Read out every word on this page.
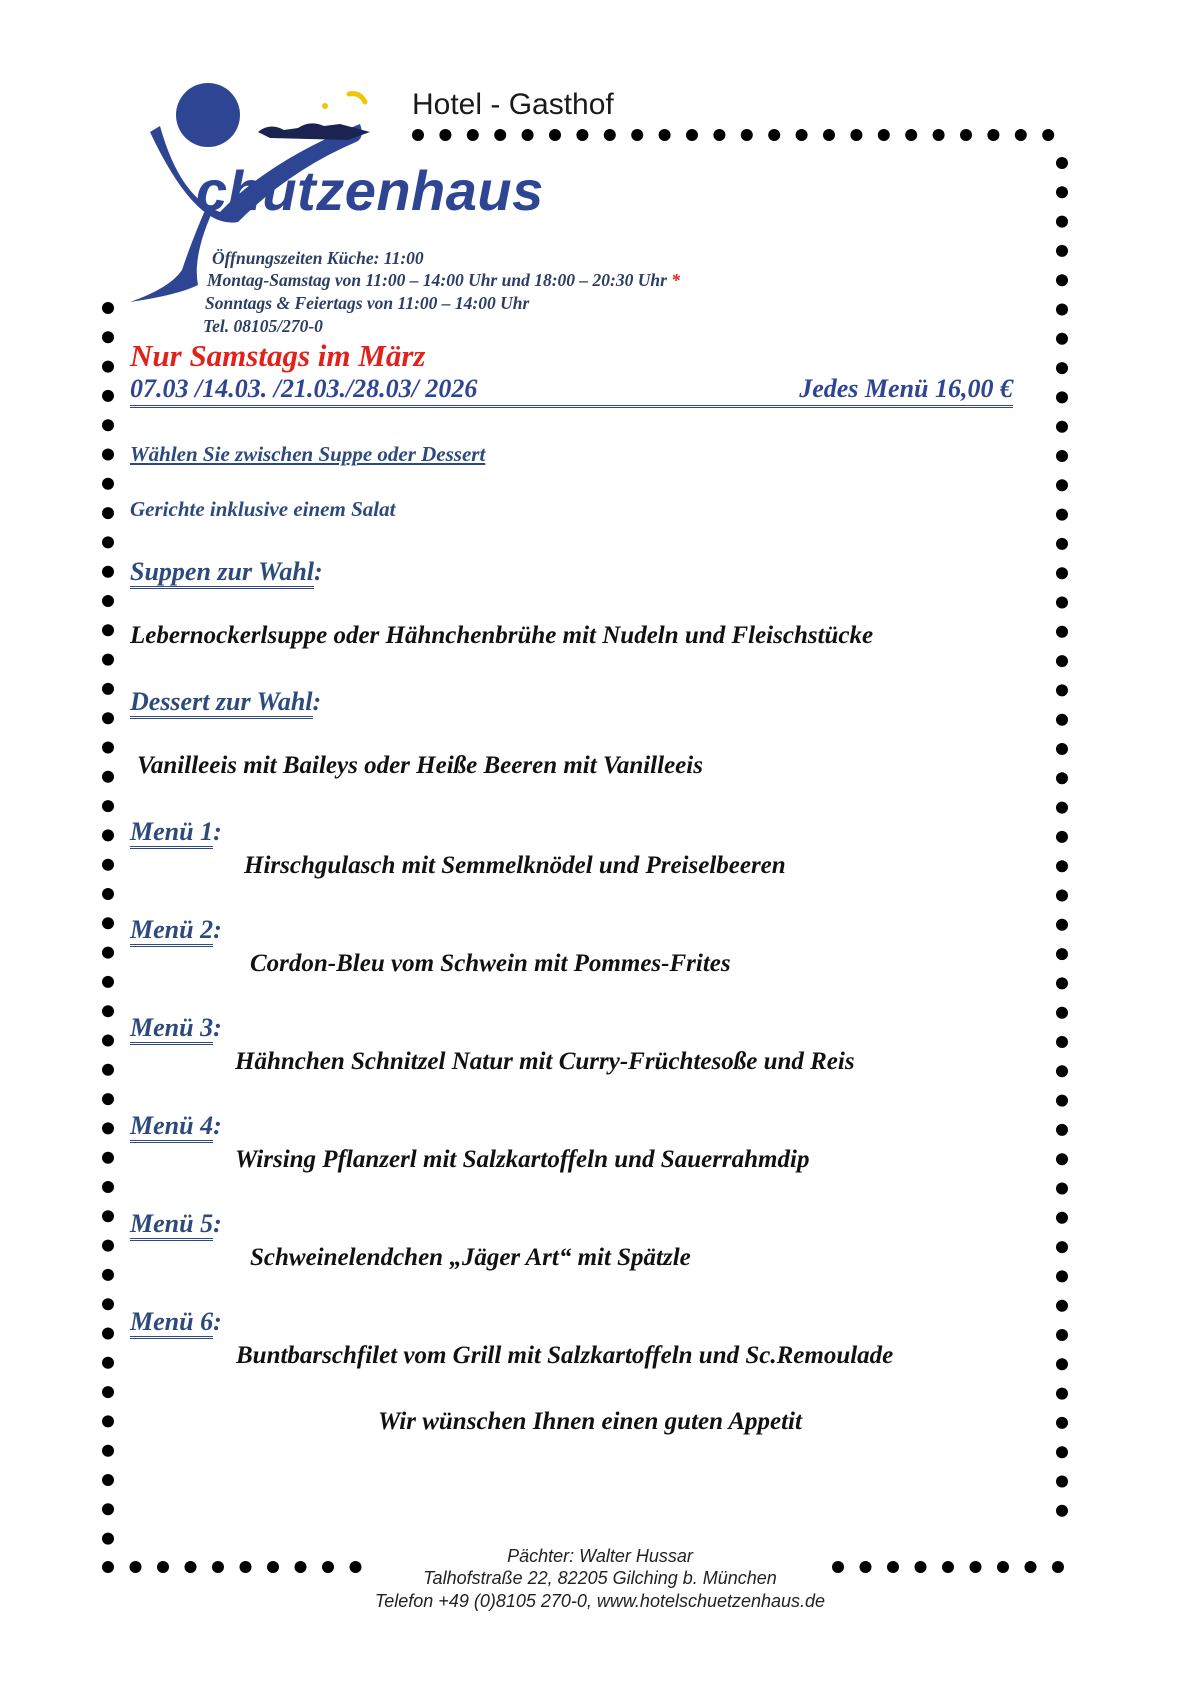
Hotel - Gasthof
chützenhaus
Öffnungszeiten Küche: 11:00
Montag-Samstag von 11:00 – 14:00 Uhr und 18:00 – 20:30 Uhr *
Sonntags & Feiertags von 11:00 – 14:00 Uhr
Tel. 08105/270-0
Nur Samstags im März
07.03 /14.03. /21.03./28.03/ 2026	Jedes Menü 16,00 €
Wählen Sie zwischen Suppe oder Dessert
Gerichte inklusive einem Salat
Suppen zur Wahl:
Lebernockerlsuppe oder Hähnchenbrühe mit Nudeln und Fleischstücke
Dessert zur Wahl:
Vanilleeis mit Baileys oder Heiße Beeren mit Vanilleeis
Menü 1:
Hirschgulasch mit Semmelknödel und Preiselbeeren
Menü 2:
Cordon-Bleu vom Schwein mit Pommes-Frites
Menü 3:
Hähnchen Schnitzel Natur mit Curry-Früchtesoße und Reis
Menü 4:
Wirsing Pflanzerl mit Salzkartoffeln und Sauerrahmdip
Menü 5:
Schweinelendchen „Jäger Art“ mit Spätzle
Menü 6:
Buntbarschfilet vom Grill mit Salzkartoffeln und Sc.Remoulade
Wir wünschen Ihnen einen guten Appetit
Pächter: Walter Hussar
Talhofstraße 22, 82205 Gilching b. München
Telefon +49 (0)8105 270-0, www.hotelschuetzenhaus.de
